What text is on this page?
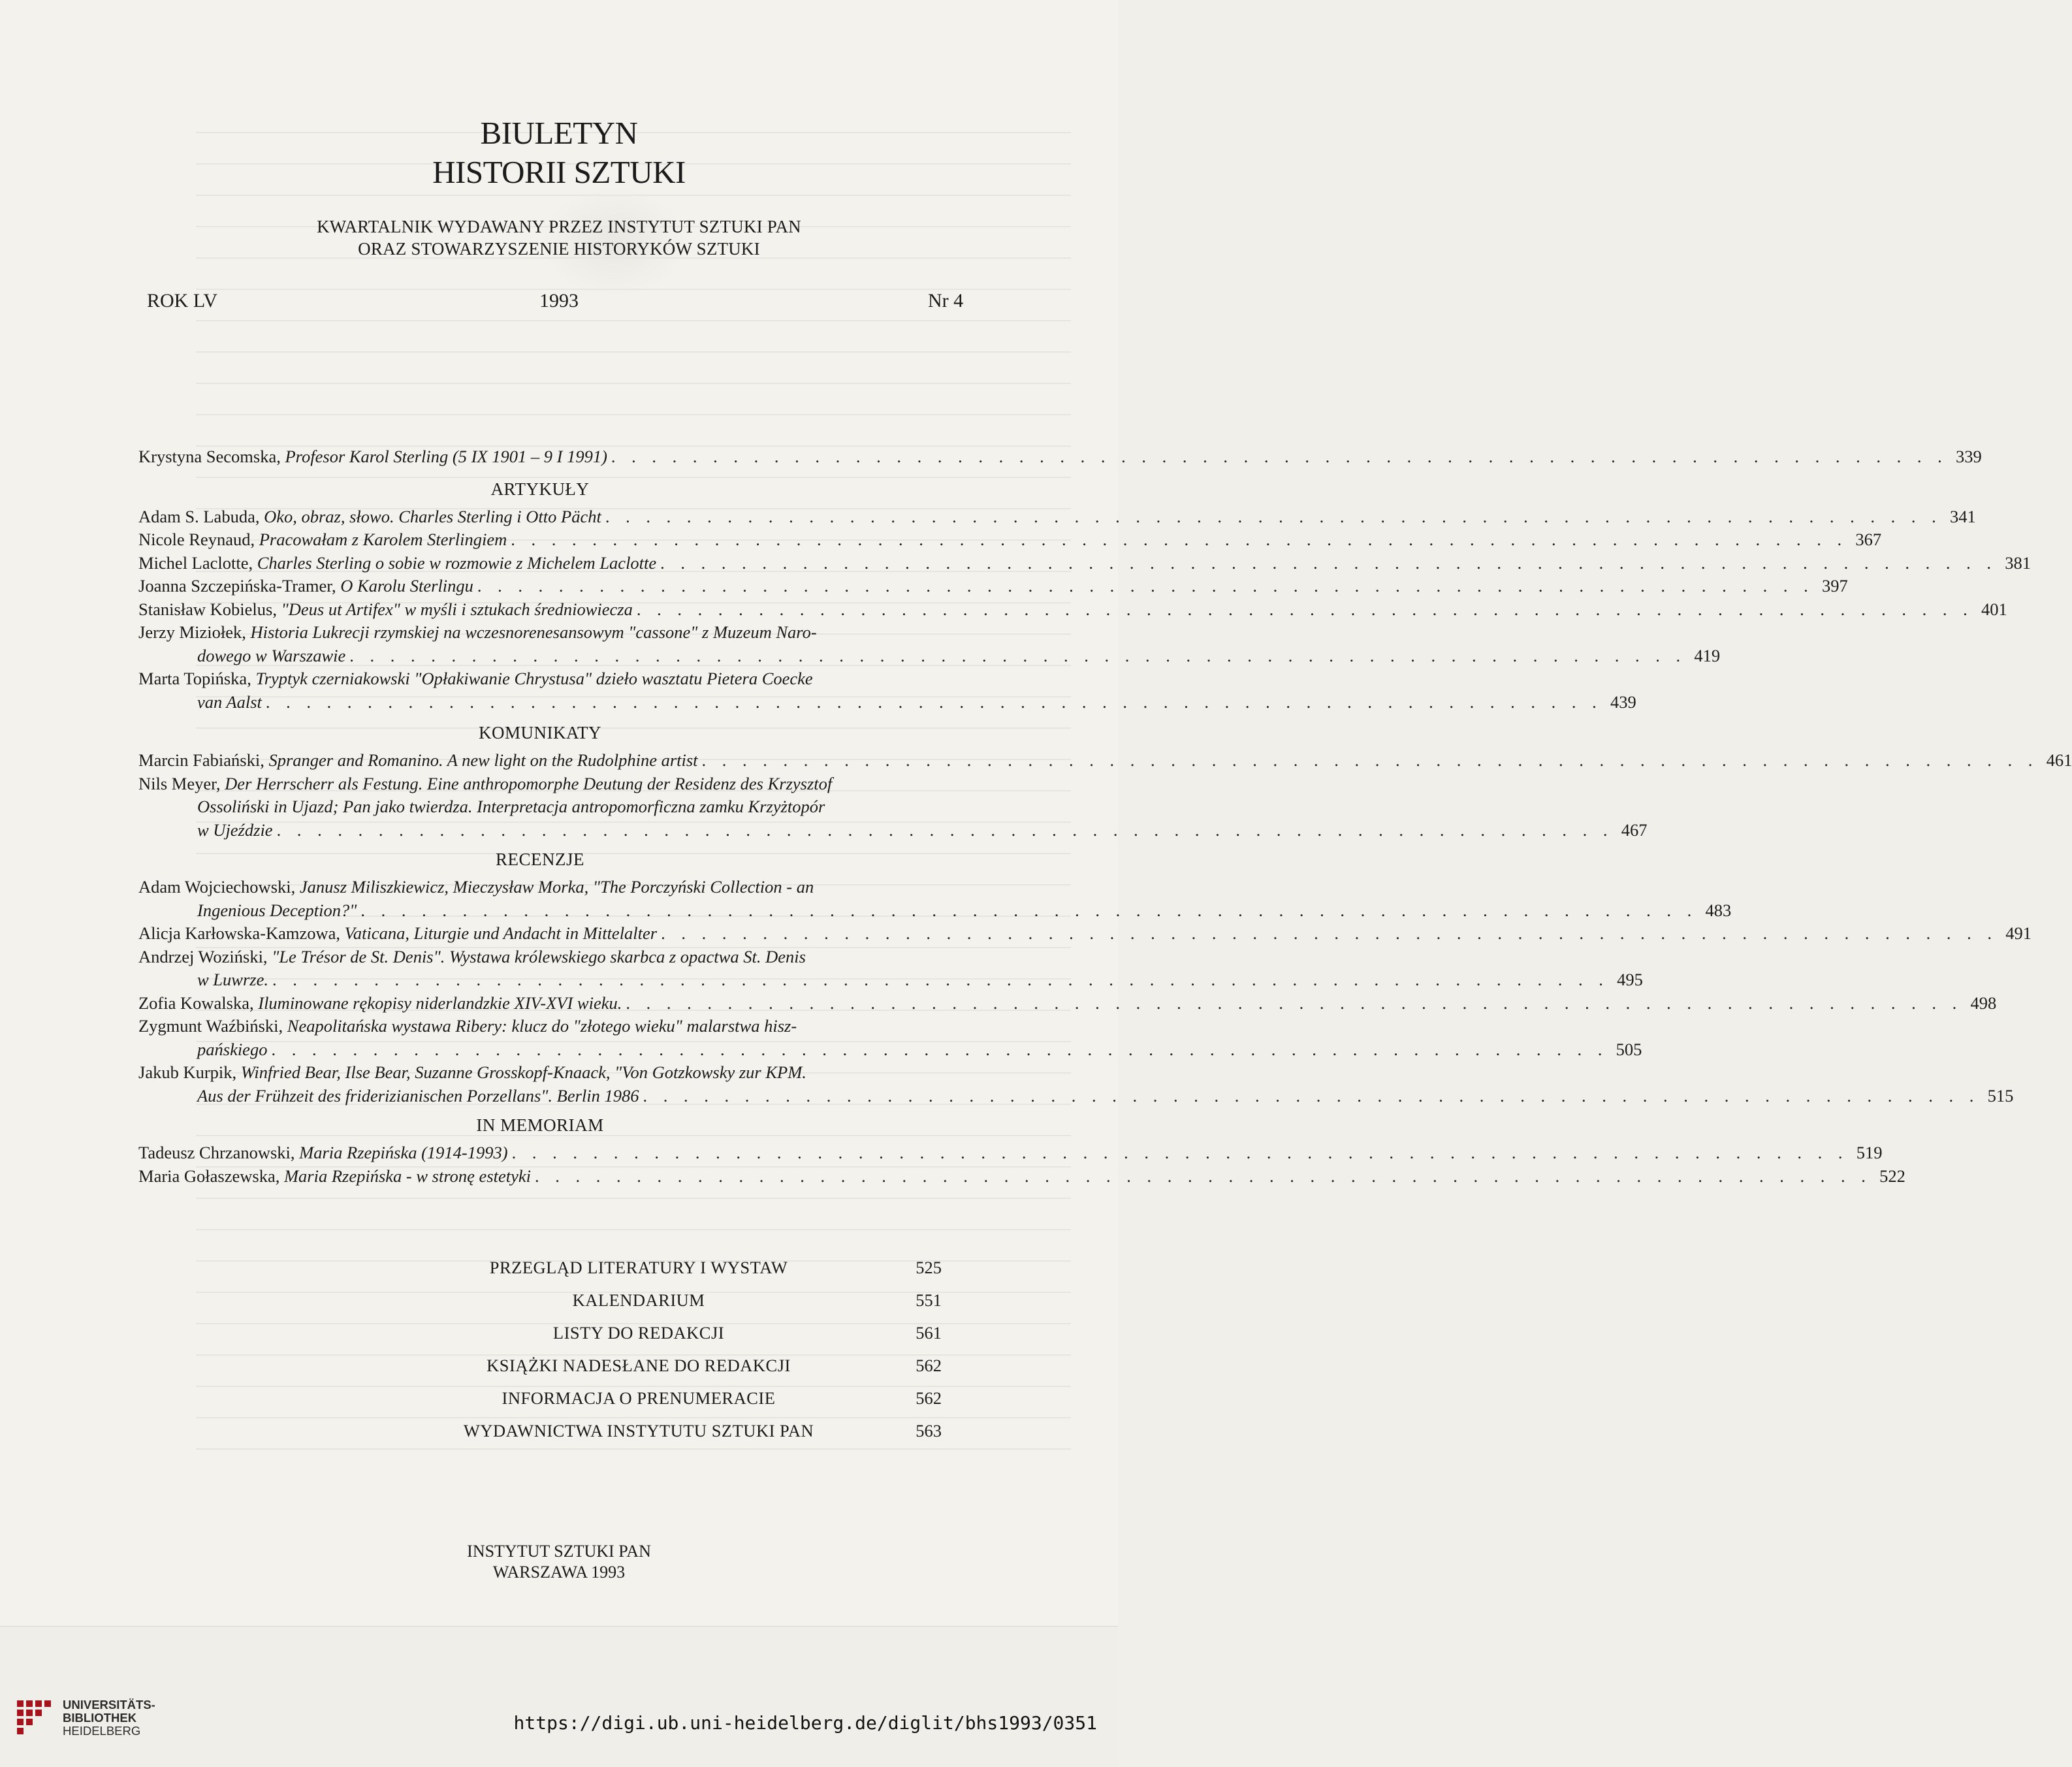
BIULETYN
HISTORII SZTUKI
KWARTALNIK WYDAWANY PRZEZ INSTYTUT SZTUKI PAN
ORAZ STOWARZYSZENIE HISTORYKÓW SZTUKI
ROK LV	1993	Nr 4
Krystyna Secomska, Profesor Karol Sterling (5 IX 1901 – 9 I 1991) . . . . . . . . . . . . . . . . . . . . . . . . . . . . . . . . . . . . . . . . . . . . . . . . . . . . . . . . . . . . . . . . . . 339
ARTYKUŁY
Adam S. Labuda, Oko, obraz, słowo. Charles Sterling i Otto Pächt . . . . . . . . . . . . . . . . . . . . . . . . . . . . . . . . . . . . . . . . . . . . . . . . . . . . . . . . . . . . . . . . . . 341
Nicole Reynaud, Pracowałam z Karolem Sterlingiem . . . . . . . . . . . . . . . . . . . . . . . . . . . . . . . . . . . . . . . . . . . . . . . . . . . . . . . . . . . . . . . . . . 367
Michel Laclotte, Charles Sterling o sobie w rozmowie z Michelem Laclotte . . . . . . . . . . . . . . . . . . . . . . . . . . . . . . . . . . . . . . . . . . . . . . . . . . . . . . . . . . . . . . . . . . 381
Joanna Szczepińska-Tramer, O Karolu Sterlingu . . . . . . . . . . . . . . . . . . . . . . . . . . . . . . . . . . . . . . . . . . . . . . . . . . . . . . . . . . . . . . . . . . 397
Stanisław Kobielus, "Deus ut Artifex" w myśli i sztukach średniowiecza . . . . . . . . . . . . . . . . . . . . . . . . . . . . . . . . . . . . . . . . . . . . . . . . . . . . . . . . . . . . . . . . . . 401
Jerzy Miziołek, Historia Lukrecji rzymskiej na wczesnorenesansowym "cassone" z Muzeum Naro-
dowego w Warszawie . . . . . . . . . . . . . . . . . . . . . . . . . . . . . . . . . . . . . . . . . . . . . . . . . . . . . . . . . . . . . . . . . . 419
Marta Topińska, Tryptyk czerniakowski "Opłakiwanie Chrystusa" dzieło wasztatu Pietera Coecke
van Aalst . . . . . . . . . . . . . . . . . . . . . . . . . . . . . . . . . . . . . . . . . . . . . . . . . . . . . . . . . . . . . . . . . . 439
KOMUNIKATY
Marcin Fabiański, Spranger and Romanino. A new light on the Rudolphine artist . . . . . . . . . . . . . . . . . . . . . . . . . . . . . . . . . . . . . . . . . . . . . . . . . . . . . . . . . . . . . . . . . . 461
Nils Meyer, Der Herrscherr als Festung. Eine anthropomorphe Deutung der Residenz des Krzysztof
Ossoliński in Ujazd; Pan jako twierdza. Interpretacja antropomorficzna zamku Krzyżtopór
w Ujeździe . . . . . . . . . . . . . . . . . . . . . . . . . . . . . . . . . . . . . . . . . . . . . . . . . . . . . . . . . . . . . . . . . . 467
RECENZJE
Adam Wojciechowski, Janusz Miliszkiewicz, Mieczysław Morka, "The Porczyński Collection - an
Ingenious Deception?" . . . . . . . . . . . . . . . . . . . . . . . . . . . . . . . . . . . . . . . . . . . . . . . . . . . . . . . . . . . . . . . . . . 483
Alicja Karłowska-Kamzowa, Vaticana, Liturgie und Andacht in Mittelalter . . . . . . . . . . . . . . . . . . . . . . . . . . . . . . . . . . . . . . . . . . . . . . . . . . . . . . . . . . . . . . . . . . 491
Andrzej Woziński, "Le Trésor de St. Denis". Wystawa królewskiego skarbca z opactwa St. Denis
w Luwrze. . . . . . . . . . . . . . . . . . . . . . . . . . . . . . . . . . . . . . . . . . . . . . . . . . . . . . . . . . . . . . . . . . . 495
Zofia Kowalska, Iluminowane rękopisy niderlandzkie XIV-XVI wieku. . . . . . . . . . . . . . . . . . . . . . . . . . . . . . . . . . . . . . . . . . . . . . . . . . . . . . . . . . . . . . . . . . . 498
Zygmunt Waźbiński, Neapolitańska wystawa Ribery: klucz do "złotego wieku" malarstwa hisz-
pańskiego . . . . . . . . . . . . . . . . . . . . . . . . . . . . . . . . . . . . . . . . . . . . . . . . . . . . . . . . . . . . . . . . . . 505
Jakub Kurpik, Winfried Bear, Ilse Bear, Suzanne Grosskopf-Knaack, "Von Gotzkowsky zur KPM.
Aus der Frühzeit des friderizianischen Porzellans". Berlin 1986 . . . . . . . . . . . . . . . . . . . . . . . . . . . . . . . . . . . . . . . . . . . . . . . . . . . . . . . . . . . . . . . . . . 515
IN MEMORIAM
Tadeusz Chrzanowski, Maria Rzepińska (1914-1993) . . . . . . . . . . . . . . . . . . . . . . . . . . . . . . . . . . . . . . . . . . . . . . . . . . . . . . . . . . . . . . . . . . 519
Maria Gołaszewska, Maria Rzepińska - w stronę estetyki . . . . . . . . . . . . . . . . . . . . . . . . . . . . . . . . . . . . . . . . . . . . . . . . . . . . . . . . . . . . . . . . . . 522
PRZEGLĄD LITERATURY I WYSTAW	525
KALENDARIUM	551
LISTY DO REDAKCJI	561
KSIĄŻKI NADESŁANE DO REDAKCJI	562
INFORMACJA O PRENUMERACIE	562
WYDAWNICTWA INSTYTUTU SZTUKI PAN	563
INSTYTUT SZTUKI PAN
WARSZAWA 1993
UNIVERSITÄTS-
BIBLIOTHEK
HEIDELBERG	https://digi.ub.uni-heidelberg.de/diglit/bhs1993/0351
